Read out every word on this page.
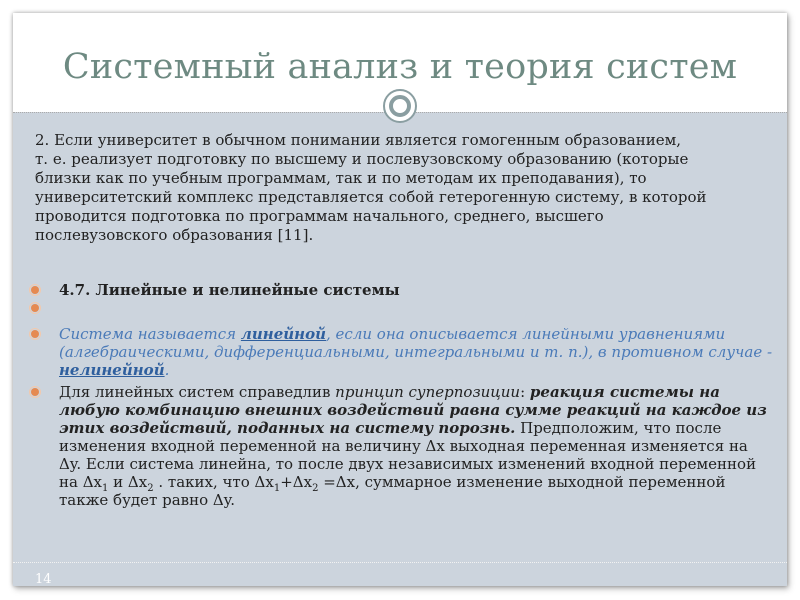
Системный анализ и теория систем
2. Если университет в обычном понимании является гомогенным образованием,
т. е. реализует подготовку по высшему и послевузовскому образованию (которые
близки как по учебным программам, так и по методам их преподавания), то
университетский комплекс представляется собой гетерогенную систему, в которой
проводится подготовка по программам начального, среднего, высшего
послевузовского образования [11].
4.7. Линейные и нелинейные системы
Система называется линейной, если она описывается линейными уравнениями (алгебраическими, дифференциальными, интегральными и т. п.), в противном случае - нелинейной.
Для линейных систем справедлив принцип суперпозиции: реакция системы на любую комбинацию внешних воздействий равна сумме реакций на каждое из этих воздействий, поданных на систему порознь. Предположим, что после изменения входной переменной на величину Δx выходная переменная изменяется на Δy. Если система линейна, то после двух независимых изменений входной переменной на $\Delta x_1$ и $\Delta x_2$ . таких, что $\Delta x_1+\Delta x_2 =\Delta x$, суммарное изменение выходной переменной также будет равно Δy.
14
